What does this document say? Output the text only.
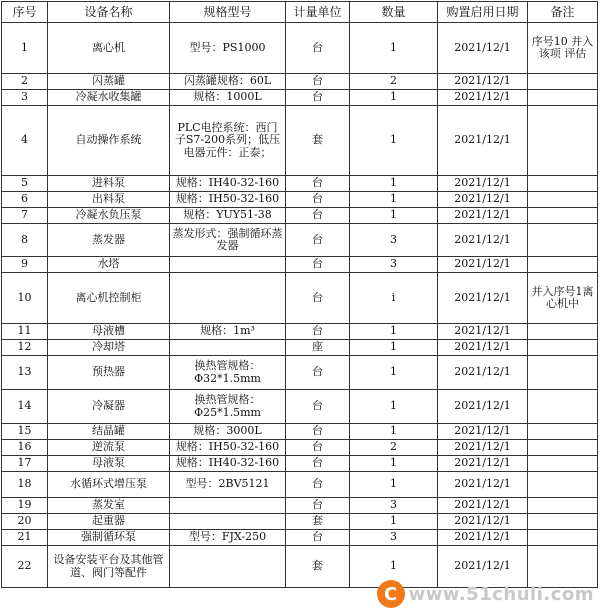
序号	设备名称	规格型号	计量单位	数量	购置启用日期	备注
1	离心机	型号：PS1000	台	1	2021/12/1	序号10 并入该项 评估
2	闪蒸罐	闪蒸罐规格：60L	台	2	2021/12/1	
3	冷凝水收集罐	规格：1000L	台	1	2021/12/1	
4	自动操作系统	PLC电控系统：西门子S7-200系列；低压电器元件：正泰；	套	1	2021/12/1	
5	进料泵	规格：IH40-32-160	台	1	2021/12/1	
6	出料泵	规格：IH50-32-160	台	1	2021/12/1	
7	冷凝水负压泵	规格：YUY51-38	台	1	2021/12/1	
8	蒸发器	蒸发形式：强制循环蒸发器	台	3	2021/12/1	
9	水塔		台	3	2021/12/1	
10	离心机控制柜		台	i	2021/12/1	并入序号1离心机中
11	母液槽	规格：1m³	台	1	2021/12/1	
12	冷却塔		座	1	2021/12/1	
13	预热器	换热管规格：Φ32*1.5mm	台	1	2021/12/1	
14	冷凝器	换热管规格：Φ25*1.5mm	台	1	2021/12/1	
15	结晶罐	规格：3000L	台	1	2021/12/1	
16	逆流泵	规格：IH50-32-160	台	2	2021/12/1	
17	母液泵	规格：IH40-32-160	台	1	2021/12/1	
18	水循环式增压泵	型号：2BV5121	台	1	2021/12/1	
19	蒸发室		台	3	2021/12/1	
20	起重器		套	1	2021/12/1	
21	强制循环泵	型号：FJX-250	台	3	2021/12/1	
22	设备安装平台及其他管道、阀门等配件		套	1	2021/12/1	
C www.51chuli.com
